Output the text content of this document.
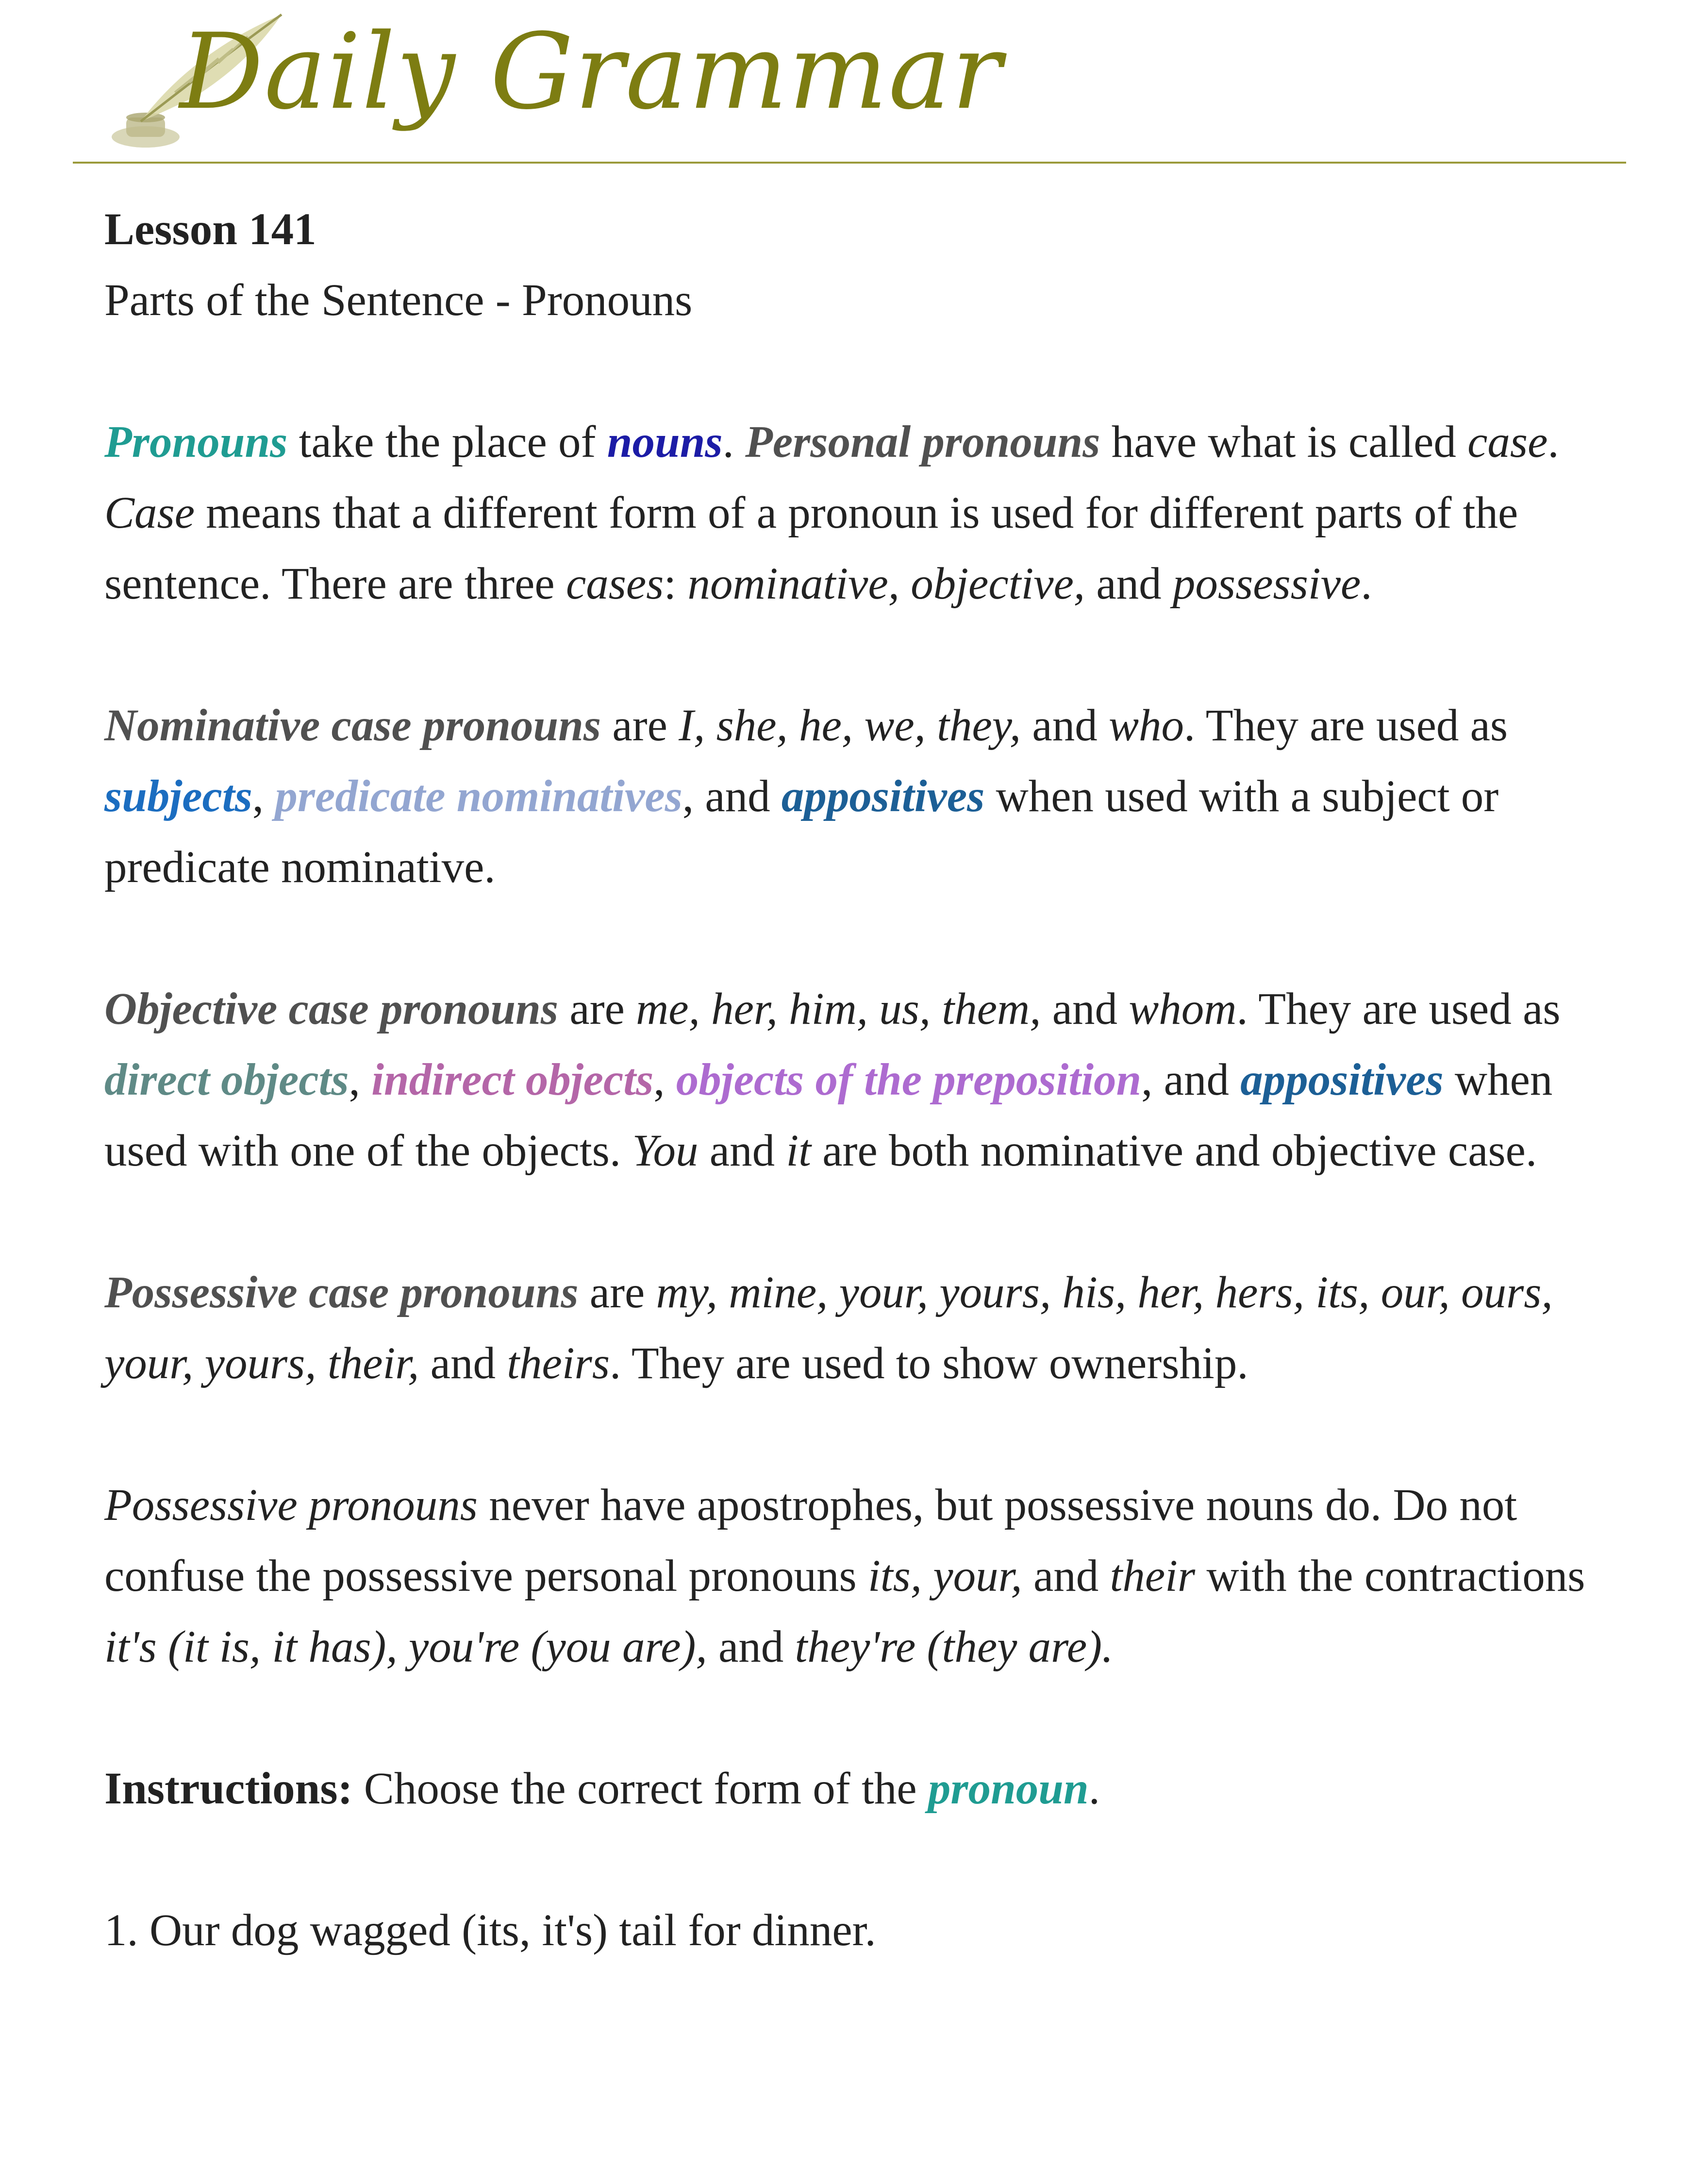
Daily Grammar

Lesson 141

Parts of the Sentence - Pronouns

Pronouns take the place of nouns. Personal pronouns have what is called case. Case means that a different form of a pronoun is used for different parts of the sentence. There are three cases: nominative, objective, and possessive.

Nominative case pronouns are I, she, he, we, they, and who. They are used as subjects, predicate nominatives, and appositives when used with a subject or predicate nominative.

Objective case pronouns are me, her, him, us, them, and whom. They are used as direct objects, indirect objects, objects of the preposition, and appositives when used with one of the objects. You and it are both nominative and objective case.

Possessive case pronouns are my, mine, your, yours, his, her, hers, its, our, ours, your, yours, their, and theirs. They are used to show ownership.

Possessive pronouns never have apostrophes, but possessive nouns do. Do not confuse the possessive personal pronouns its, your, and their with the contractions it's (it is, it has), you're (you are), and they're (they are).

Instructions: Choose the correct form of the pronoun.

1. Our dog wagged (its, it's) tail for dinner.
